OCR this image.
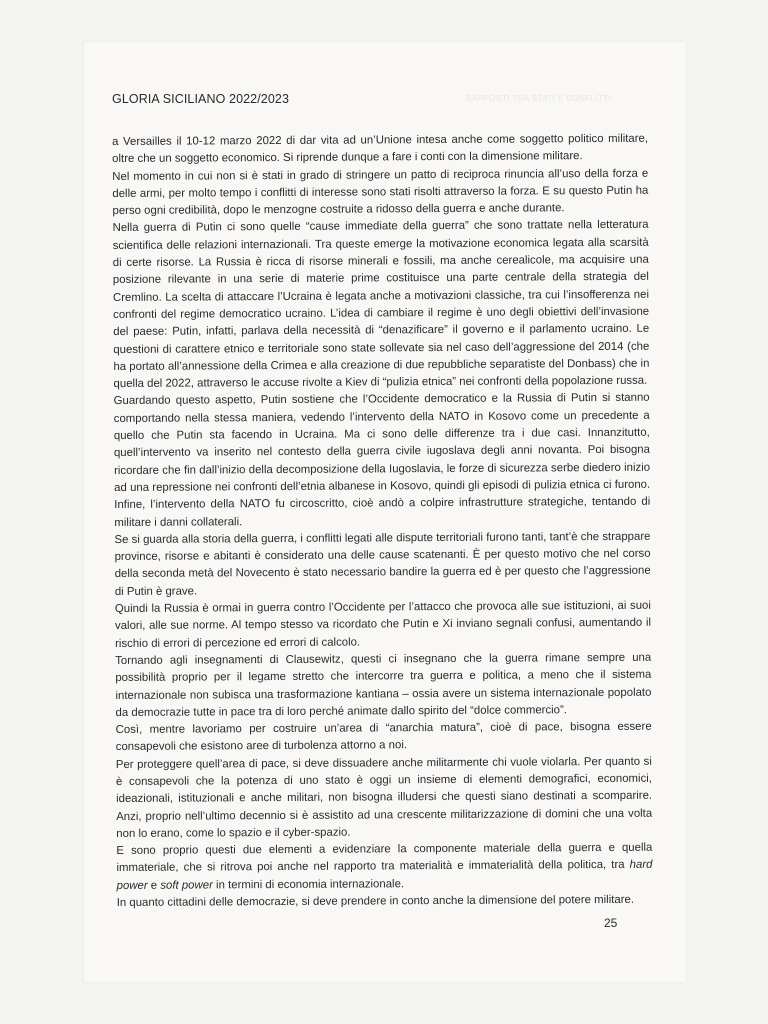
GLORIA SICILIANO 2022/2023	RAPPORTI TRA STATI E CONFLITTI

a Versailles il 10-12 marzo 2022 di dar vita ad un’Unione intesa anche come soggetto politico militare, oltre che un soggetto economico. Si riprende dunque a fare i conti con la dimensione militare.

Nel momento in cui non si è stati in grado di stringere un patto di reciproca rinuncia all’uso della forza e delle armi, per molto tempo i conflitti di interesse sono stati risolti attraverso la forza. E su questo Putin ha perso ogni credibilità, dopo le menzogne costruite a ridosso della guerra e anche durante.

Nella guerra di Putin ci sono quelle “cause immediate della guerra” che sono trattate nella letteratura scientifica delle relazioni internazionali. Tra queste emerge la motivazione economica legata alla scarsità di certe risorse. La Russia è ricca di risorse minerali e fossili, ma anche cerealicole, ma acquisire una posizione rilevante in una serie di materie prime costituisce una parte centrale della strategia del Cremlino. La scelta di attaccare l’Ucraina è legata anche a motivazioni classiche, tra cui l’insofferenza nei confronti del regime democratico ucraino. L’idea di cambiare il regime è uno degli obiettivi dell’invasione del paese: Putin, infatti, parlava della necessità di “denazificare” il governo e il parlamento ucraino. Le questioni di carattere etnico e territoriale sono state sollevate sia nel caso dell’aggressione del 2014 (che ha portato all’annessione della Crimea e alla creazione di due repubbliche separatiste del Donbass) che in quella del 2022, attraverso le accuse rivolte a Kiev di “pulizia etnica” nei confronti della popolazione russa.

Guardando questo aspetto, Putin sostiene che l’Occidente democratico e la Russia di Putin si stanno comportando nella stessa maniera, vedendo l’intervento della NATO in Kosovo come un precedente a quello che Putin sta facendo in Ucraina. Ma ci sono delle differenze tra i due casi. Innanzitutto, quell’intervento va inserito nel contesto della guerra civile iugoslava degli anni novanta. Poi bisogna ricordare che fin dall’inizio della decomposizione della Iugoslavia, le forze di sicurezza serbe diedero inizio ad una repressione nei confronti dell’etnia albanese in Kosovo, quindi gli episodi di pulizia etnica ci furono. Infine, l’intervento della NATO fu circoscritto, cioè andò a colpire infrastrutture strategiche, tentando di militare i danni collaterali.

Se si guarda alla storia della guerra, i conflitti legati alle dispute territoriali furono tanti, tant’è che strappare province, risorse e abitanti è considerato una delle cause scatenanti. È per questo motivo che nel corso della seconda metà del Novecento è stato necessario bandire la guerra ed è per questo che l’aggressione di Putin è grave.

Quindi la Russia è ormai in guerra contro l’Occidente per l’attacco che provoca alle sue istituzioni, ai suoi valori, alle sue norme. Al tempo stesso va ricordato che Putin e Xi inviano segnali confusi, aumentando il rischio di errori di percezione ed errori di calcolo.

Tornando agli insegnamenti di Clausewitz, questi ci insegnano che la guerra rimane sempre una possibilità proprio per il legame stretto che intercorre tra guerra e politica, a meno che il sistema internazionale non subisca una trasformazione kantiana – ossia avere un sistema internazionale popolato da democrazie tutte in pace tra di loro perché animate dallo spirito del “dolce commercio”.

Così, mentre lavoriamo per costruire un’area di “anarchia matura”, cioè di pace, bisogna essere consapevoli che esistono aree di turbolenza attorno a noi.

Per proteggere quell’area di pace, si deve dissuadere anche militarmente chi vuole violarla. Per quanto si è consapevoli che la potenza di uno stato è oggi un insieme di elementi demografici, economici, ideazionali, istituzionali e anche militari, non bisogna illudersi che questi siano destinati a scomparire. Anzi, proprio nell’ultimo decennio si è assistito ad una crescente militarizzazione di domini che una volta non lo erano, come lo spazio e il cyber-spazio.

E sono proprio questi due elementi a evidenziare la componente materiale della guerra e quella immateriale, che si ritrova poi anche nel rapporto tra materialità e immaterialità della politica, tra hard power e soft power in termini di economia internazionale.

In quanto cittadini delle democrazie, si deve prendere in conto anche la dimensione del potere militare.

25
